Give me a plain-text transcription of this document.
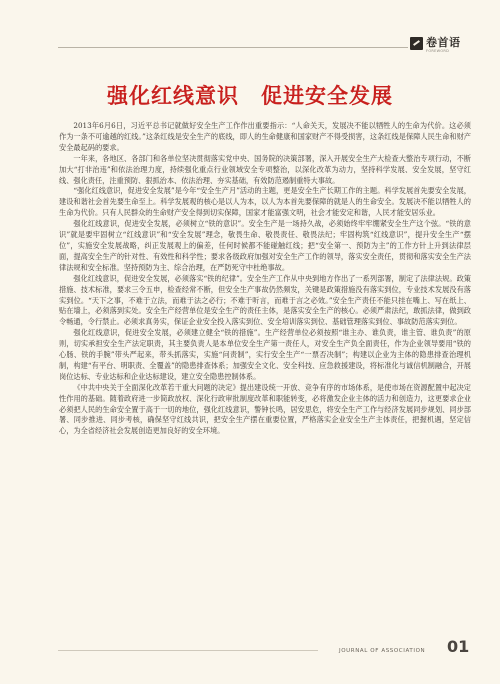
卷首语
FOREWORD
强化红线意识　促进安全发展

2013年6月6日，习近平总书记就做好安全生产工作作出重要指示：“人命关天，发展决不能以牺牲人的生命为代价。这必须作为一条不可逾越的红线。”这条红线是安全生产的底线，即人的生命健康和国家财产不得受损害，这条红线是保障人民生命和财产安全最起码的要求。

一年来，各地区、各部门和各单位坚决贯彻落实党中央、国务院的决策部署，深入开展安全生产大检查大整治专项行动，不断加大“打非治违”和依法治理力度，持续强化重点行业领域安全专项整治，以深化改革为动力，坚持科学发展、安全发展，坚守红线、强化责任，注重预防、狠抓治本、依法治理、夯实基础，有效防范遏制重特大事故。

“强化红线意识，促进安全发展”是今年“安全生产月”活动的主题，更是安全生产长期工作的主题。科学发展首先要安全发展，建设和谐社会首先要生命至上。科学发展观的核心是以人为本，以人为本首先要保障的就是人的生命安全。发展决不能以牺牲人的生命为代价。只有人民群众的生命财产安全得到切实保障，国家才能富强文明，社会才能安定和谐，人民才能安居乐业。

强化红线意识，促进安全发展，必须树立“铁的意识”。安全生产是一场持久战，必须始终牢牢绷紧安全生产这个弦。“铁的意识”就是要牢固树立“红线意识”和“安全发展”理念，敬畏生命、敬畏责任、敬畏法纪；牢固构筑“红线意识”，提升安全生产“摆位”，实施安全发展战略，纠正发展观上的偏差，任何时候都不能碰触红线；把“安全第一、预防为主”的工作方针上升到法律层面，提高安全生产的针对性、有效性和科学性；要求各级政府加强对安全生产工作的领导，落实安全责任，贯彻和落实安全生产法律法规和安全标准。坚持预防为主、综合治理，在严防死守中杜绝事故。

强化红线意识，促进安全发展，必须落实“铁的纪律”。安全生产工作从中央到地方作出了一系列部署，制定了法律法规。政策措施、技术标准，要求三令五申，检查经常不断，但安全生产事故仍然频发，关键是政策措施没有落实到位，专业技术发展没有落实到位。“天下之事，不难于立法，而难于法之必行；不难于听言，而难于言之必效。”安全生产责任不能只挂在嘴上、写在纸上、贴在墙上，必须落到实处。安全生产经营单位是安全生产的责任主体，是落实安全生产的核心。必须严肃法纪，敢抓法律，做到政令畅通，令行禁止。必须求真务实，保证企业安全投入落实到位、安全培训落实到位、基础管理落实到位、事故防范落实到位。

强化红线意识，促进安全发展，必须建立健全“铁的措施”。生产经营单位必须按照“谁主办、谁负责，谁主管、谁负责”的原则，切实承担安全生产法定职责，其主要负责人是本单位安全生产第一责任人，对安全生产负全面责任，作为企业领导要用“铁的心肠、铁的手腕”带头严起来，带头抓落实，实施“问责制”，实行安全生产“一票否决制”；构建以企业为主体的隐患排查治理机制，构建“有平台、明职责、全覆盖”的隐患排查体系；加强安全文化、安全科技、应急救援建设，将标准化与诚信机制融合，开展岗位达标、专业达标和企业达标建设，建立安全隐患控制体系。

《中共中央关于全面深化改革若干重大问题的决定》提出建设统一开放、竞争有序的市场体系，是使市场在资源配置中起决定性作用的基础。随着政府进一步简政放权、深化行政审批制度改革和职能转变，必将激发企业主体的活力和创造力，这更要求企业必须把人民的生命安全置于高于一切的地位，强化红线意识，警钟长鸣，居安思危，将安全生产工作与经济发展同步规划、同步部署、同步推进、同步考核，确保坚守红线共识，把安全生产摆在重要位置，严格落实企业安全生产主体责任，把握机遇，坚定信心，为全省经济社会发展创造更加良好的安全环境。

JOURNAL OF ASSOCIATION 01
